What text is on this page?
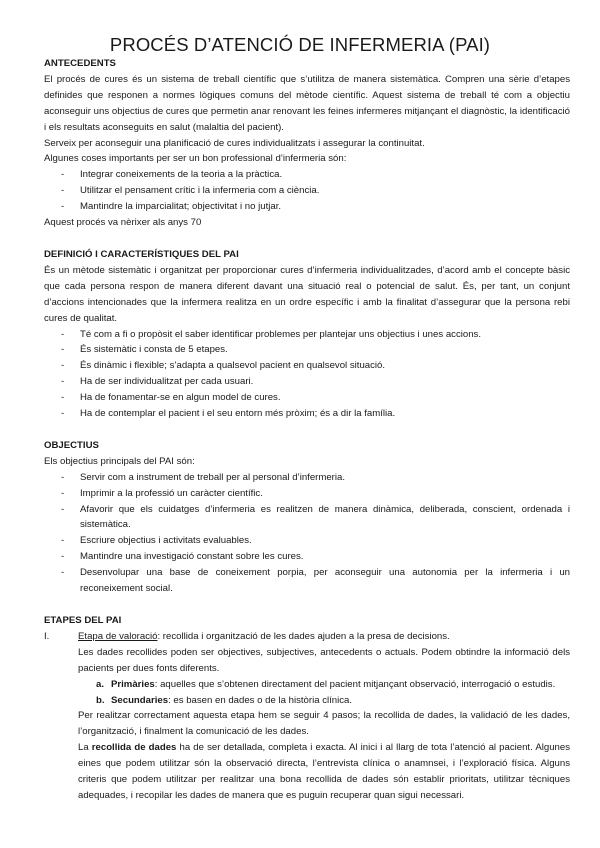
PROCÉS D’ATENCIÓ DE INFERMERIA (PAI)

ANTECEDENTS

El procés de cures és un sistema de treball científic que s’utilitza de manera sistemàtica. Compren una sèrie d’etapes definides que responen a normes lògiques comuns del mètode científic. Aquest sistema de treball té com a objectiu aconseguir uns objectius de cures que permetin anar renovant les feines infermeres mitjançant el diagnòstic, la identificació i els resultats aconseguits en salut (malaltia del pacient).

Serveix per aconseguir una planificació de cures individualitzats i assegurar la continuitat.

Algunes coses importants per ser un bon professional d’infermeria són:

- Integrar coneixements de la teoria a la pràctica.
- Utilitzar el pensament crític i la infermeria com a ciència.
- Mantindre la imparcialitat; objectivitat i no jutjar.

Aquest procés va nèrixer als anys 70

DEFINICIÓ I CARACTERÍSTIQUES DEL PAI

És un mètode sistemàtic i organitzat per proporcionar cures d’infermeria individualitzades, d’acord amb el concepte bàsic que cada persona respon de manera diferent davant una situació real o potencial de salut. És, per tant, un conjunt d’accions intencionades que la infermera realitza en un ordre específic i amb la finalitat d’assegurar que la persona rebi cures de qualitat.

- Té com a fi o propòsit el saber identificar problemes per plantejar uns objectius i unes accions.
- És sistemàtic i consta de 5 etapes.
- És dinàmic i flexible; s’adapta a qualsevol pacient en qualsevol situació.
- Ha de ser individualitzat per cada usuari.
- Ha de fonamentar-se en algun model de cures.
- Ha de contemplar el pacient i el seu entorn més pròxim; és a dir la família.

OBJECTIUS

Els objectius principals del PAI són:

- Servir com a instrument de treball per al personal d’infermeria.
- Imprimir a la professió un caràcter científic.
- Afavorir que els cuidatges d’infermeria es realitzen de manera dinàmica, deliberada, conscient, ordenada i sistemàtica.
- Escriure objectius i activitats evaluables.
- Mantindre una investigació constant sobre les cures.
- Desenvolupar una base de coneixement porpia, per aconseguir una autonomia per la infermeria i un reconeixement social.

ETAPES DEL PAI

I.	Etapa de valoració: recollida i organització de les dades ajuden a la presa de decisions.

Les dades recollides poden ser objectives, subjectives, antecedents o actuals. Podem obtindre la informació dels pacients per dues fonts diferents.

a. Primàries: aquelles que s’obtenen directament del pacient mitjançant observació, interrogació o estudis.
b. Secundaries: es basen en dades o de la història clínica.

Per realitzar correctament aquesta etapa hem se seguir 4 pasos; la recollida de dades, la validació de les dades, l’organització, i finalment la comunicació de les dades.

La recollida de dades ha de ser detallada, completa i exacta. Al inici i al llarg de tota l’atenció al pacient. Algunes eines que podem utilitzar són la observació directa, l’entrevista clínica o anamnsei, i l’exploració física. Alguns criteris que podem utilitzar per realitzar una bona recollida de dades són establir prioritats, utilitzar tècniques adequades, i recopilar les dades de manera que es puguin recuperar quan sigui necessari.
